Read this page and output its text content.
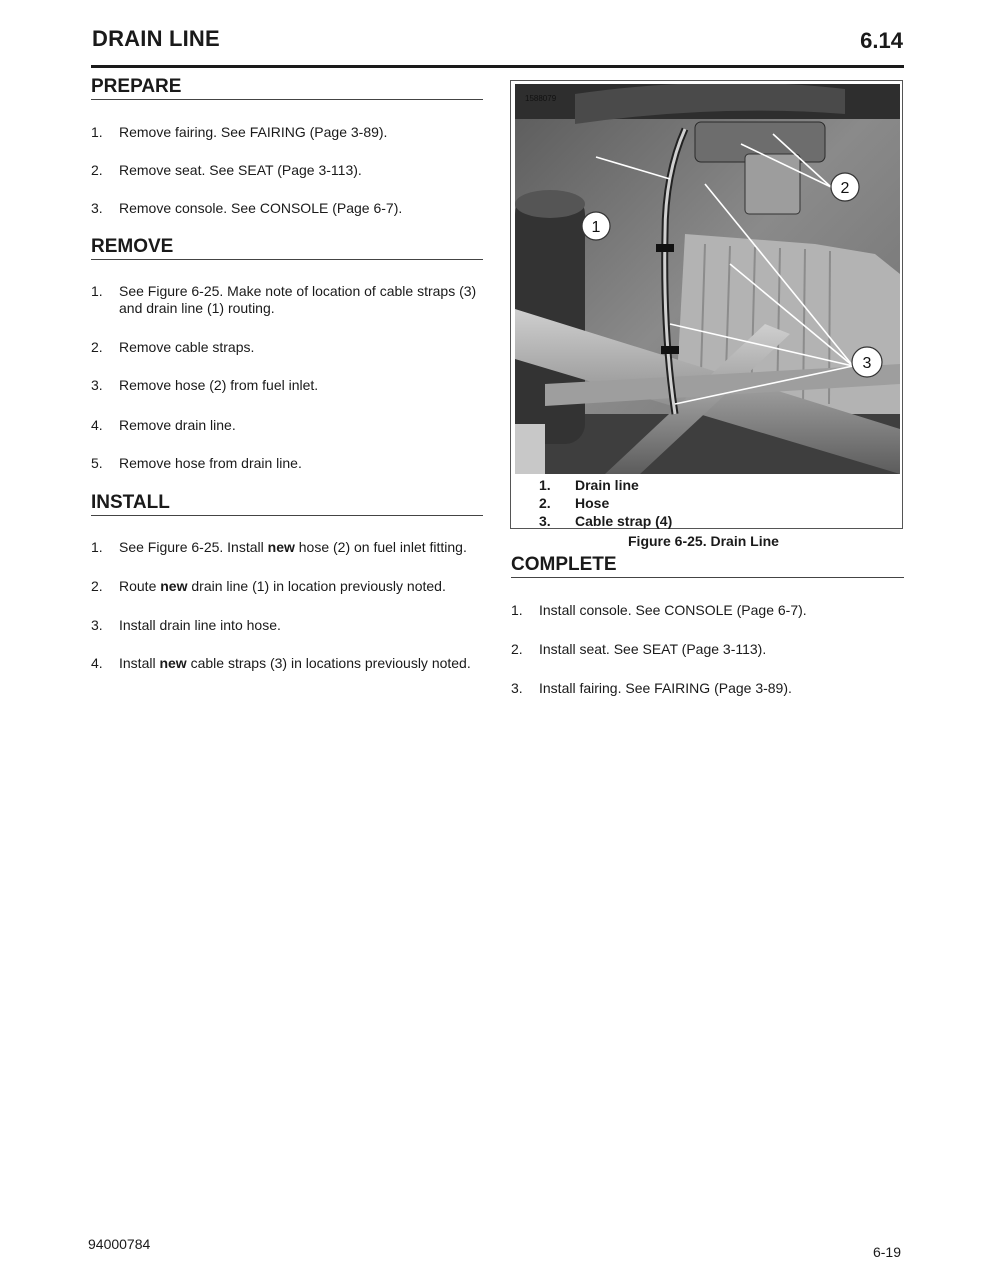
DRAIN LINE	6.14
PREPARE
1.	Remove fairing. See FAIRING (Page 3-89).
2.	Remove seat. See SEAT (Page 3-113).
3.	Remove console. See CONSOLE (Page 6-7).
REMOVE
1.	See Figure 6-25. Make note of location of cable straps (3) and drain line (1) routing.
2.	Remove cable straps.
3.	Remove hose (2) from fuel inlet.
4.	Remove drain line.
5.	Remove hose from drain line.
INSTALL
1.	See Figure 6-25. Install new hose (2) on fuel inlet fitting.
2.	Route new drain line (1) in location previously noted.
3.	Install drain line into hose.
4.	Install new cable straps (3) in locations previously noted.
1588079
1
2
3
1.	Drain line
2.	Hose
3.	Cable strap (4)
Figure 6-25. Drain Line
COMPLETE
1.	Install console. See CONSOLE (Page 6-7).
2.	Install seat. See SEAT (Page 3-113).
3.	Install fairing. See FAIRING (Page 3-89).
94000784	6-19
